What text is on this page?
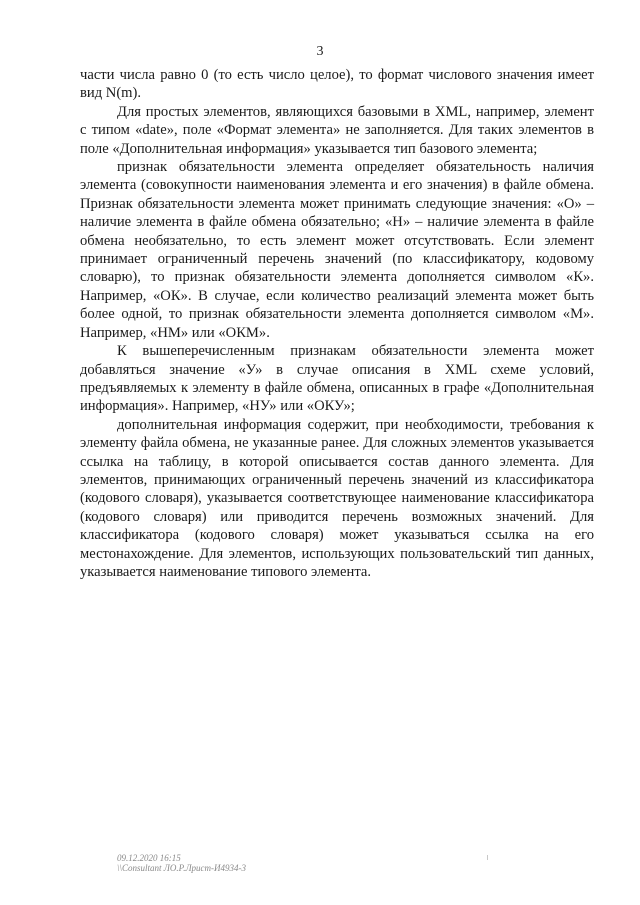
3

части числа равно 0 (то есть число целое), то формат числового значения имеет вид N(m).

Для простых элементов, являющихся базовыми в XML, например, элемент с типом «date», поле «Формат элемента» не заполняется. Для таких элементов в поле «Дополнительная информация» указывается тип базового элемента;

признак обязательности элемента определяет обязательность наличия элемента (совокупности наименования элемента и его значения) в файле обмена. Признак обязательности элемента может принимать следующие значения: «О» – наличие элемента в файле обмена обязательно; «Н» – наличие элемента в файле обмена необязательно, то есть элемент может отсутствовать. Если элемент принимает ограниченный перечень значений (по классификатору, кодовому словарю), то признак обязательности элемента дополняется символом «К». Например, «ОК». В случае, если количество реализаций элемента может быть более одной, то признак обязательности элемента дополняется символом «М». Например, «НМ» или «ОКМ».

К вышеперечисленным признакам обязательности элемента может добавляться значение «У» в случае описания в XML схеме условий, предъявляемых к элементу в файле обмена, описанных в графе «Дополнительная информация». Например, «НУ» или «ОКУ»;

дополнительная информация содержит, при необходимости, требования к элементу файла обмена, не указанные ранее. Для сложных элементов указывается ссылка на таблицу, в которой описывается состав данного элемента. Для элементов, принимающих ограниченный перечень значений из классификатора (кодового словаря), указывается соответствующее наименование классификатора (кодового словаря) или приводится перечень возможных значений. Для классификатора (кодового словаря) может указываться ссылка на его местонахождение. Для элементов, использующих пользовательский тип данных, указывается наименование типового элемента.

09.12.2020 16:15
\\Consultant ЛО.Р.Лрист-И4934-3
